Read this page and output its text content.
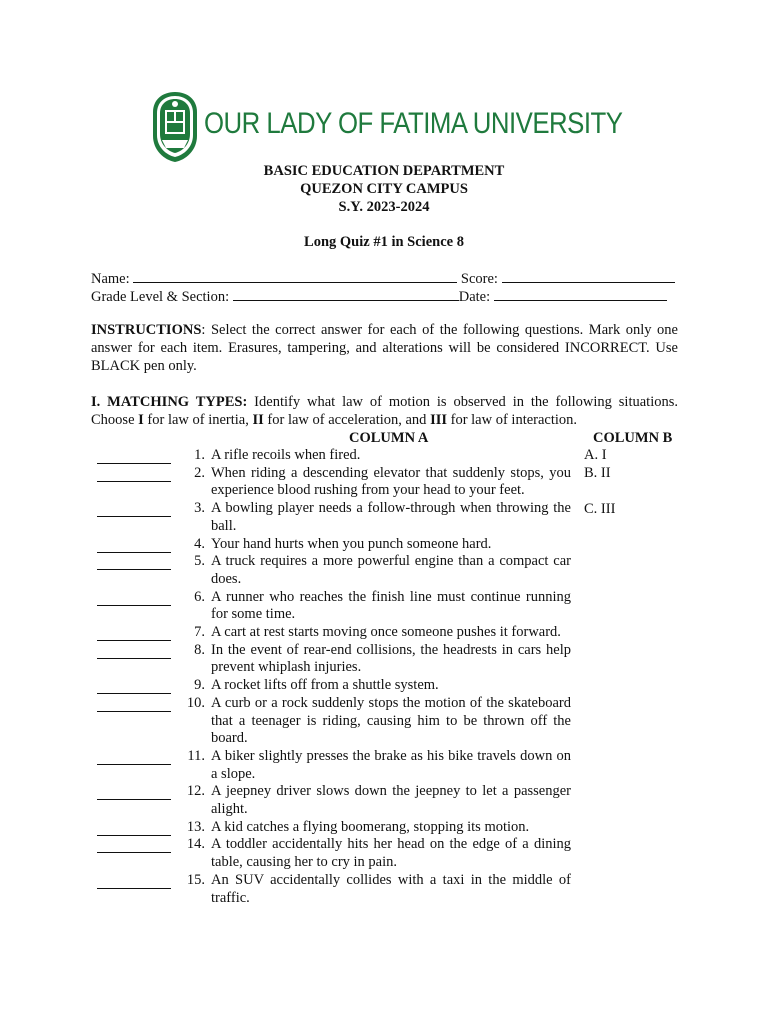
OUR LADY OF FATIMA UNIVERSITY
BASIC EDUCATION DEPARTMENT
QUEZON CITY CAMPUS
S.Y. 2023-2024
Long Quiz #1 in Science 8
Name:	Score:
Grade Level & Section:	Date:
INSTRUCTIONS: Select the correct answer for each of the following questions. Mark only one answer for each item. Erasures, tampering, and alterations will be considered INCORRECT. Use BLACK pen only.
I. MATCHING TYPES: Identify what law of motion is observed in the following situations. Choose I for law of inertia, II for law of acceleration, and III for law of interaction.
COLUMN A	COLUMN B
A. I
B. II
C. III
1. A rifle recoils when fired.
2. When riding a descending elevator that suddenly stops, you experience blood rushing from your head to your feet.
3. A bowling player needs a follow-through when throwing the ball.
4. Your hand hurts when you punch someone hard.
5. A truck requires a more powerful engine than a compact car does.
6. A runner who reaches the finish line must continue running for some time.
7. A cart at rest starts moving once someone pushes it forward.
8. In the event of rear-end collisions, the headrests in cars help prevent whiplash injuries.
9. A rocket lifts off from a shuttle system.
10. A curb or a rock suddenly stops the motion of the skateboard that a teenager is riding, causing him to be thrown off the board.
11. A biker slightly presses the brake as his bike travels down on a slope.
12. A jeepney driver slows down the jeepney to let a passenger alight.
13. A kid catches a flying boomerang, stopping its motion.
14. A toddler accidentally hits her head on the edge of a dining table, causing her to cry in pain.
15. An SUV accidentally collides with a taxi in the middle of traffic.
